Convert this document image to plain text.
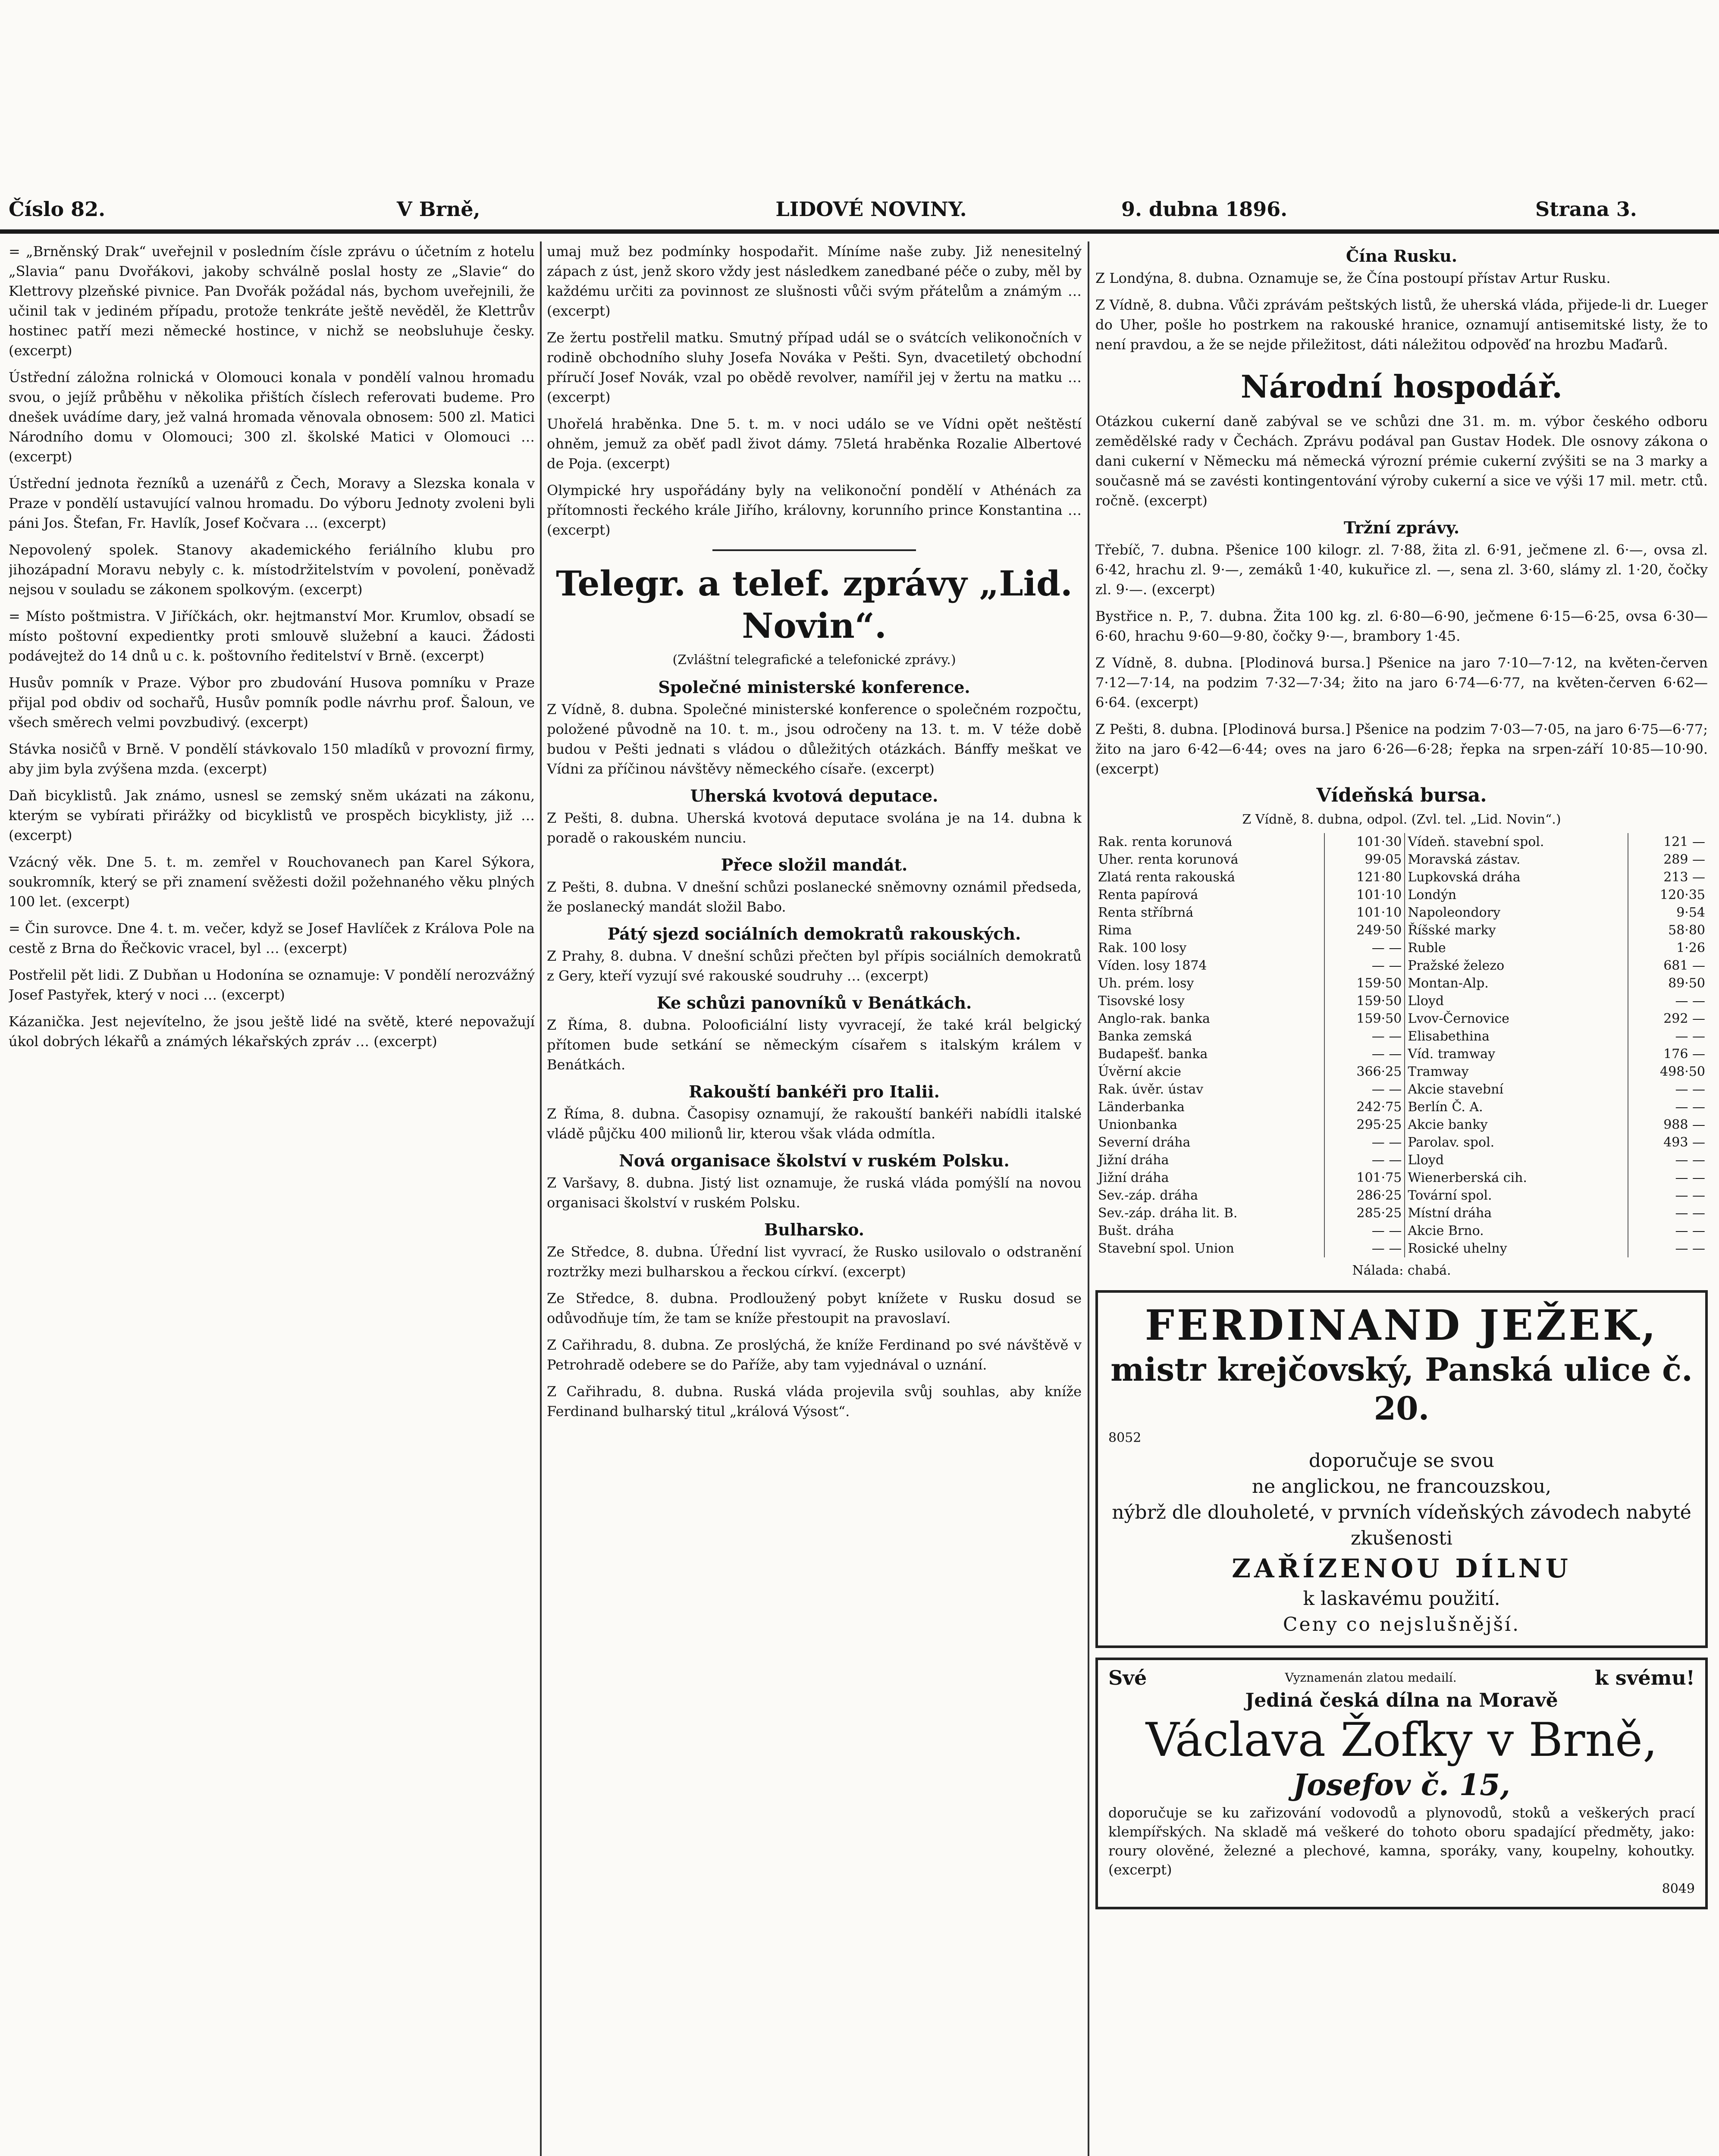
Číslo 82.	V Brně,	LIDOVÉ NOVINY.	9. dubna 1896.	Strana 3.

= „Brněnský Drak“ uveřejnil v posledním čísle zprávu o účetním z hotelu „Slavia“ panu Dvořákovi, jakoby schválně poslal hosty ze „Slavie“ do Klettrovy plzeňské pivnice. Pan Dvořák požádal nás, bychom uveřejnili, že učinil tak v jediném případu, protože tenkráte ještě nevěděl, že Klettrův hostinec patří mezi německé hostince, v nichž se neobsluhuje česky. (excerpt)

Ústřední záložna rolnická v Olomouci konala v pondělí valnou hromadu svou, o jejíž průběhu v několika přištích číslech referovati budeme. Pro dnešek uvádíme dary, jež valná hromada věnovala obnosem: 500 zl. Matici Národního domu v Olomouci; 300 zl. školské Matici v Olomouci … (excerpt)

Ústřední jednota řezníků a uzenářů z Čech, Moravy a Slezska konala v Praze v pondělí ustavující valnou hromadu. Do výboru Jednoty zvoleni byli páni Jos. Štefan, Fr. Havlík, Josef Kočvara … (excerpt)

Nepovolený spolek. Stanovy akademického feriálního klubu pro jihozápadní Moravu nebyly c. k. místodržitelstvím v povolení, poněvadž nejsou v souladu se zákonem spolkovým. (excerpt)

= Místo poštmistra. V Jiříčkách, okr. hejtmanství Mor. Krumlov, obsadí se místo poštovní expedientky proti smlouvě služební a kauci. Žádosti podávejtež do 14 dnů u c. k. poštovního ředitelství v Brně. (excerpt)

Husův pomník v Praze. Výbor pro zbudování Husova pomníku v Praze přijal pod obdiv od sochařů, Husův pomník podle návrhu prof. Šaloun, ve všech směrech velmi povzbudivý. (excerpt)

Stávka nosičů v Brně. V pondělí stávkovalo 150 mladíků v provozní firmy, aby jim byla zvýšena mzda. (excerpt)

Daň bicyklistů. Jak známo, usnesl se zemský sněm ukázati na zákonu, kterým se vybírati přirážky od bicyklistů ve prospěch bicyklisty, již … (excerpt)

Vzácný věk. Dne 5. t. m. zemřel v Rouchovanech pan Karel Sýkora, soukromník, který se při znamení svěžesti dožil požehnaného věku plných 100 let. (excerpt)

= Čin surovce. Dne 4. t. m. večer, když se Josef Havlíček z Králova Pole na cestě z Brna do Řečkovic vracel, byl … (excerpt)

Postřelil pět lidi. Z Dubňan u Hodonína se oznamuje: V pondělí nerozvážný Josef Pastyřek, který v noci … (excerpt)

Kázanička. Jest nejevítelno, že jsou ještě lidé na světě, které nepovažují úkol dobrých lékařů a známých lékařských zpráv … (excerpt)

umaj muž bez podmínky hospodařit. Míníme naše zuby. Již nenesitelný zápach z úst, jenž skoro vždy jest následkem zanedbané péče o zuby, měl by každému určiti za povinnost ze slušnosti vůči svým přátelům a známým … (excerpt)

Ze žertu postřelil matku. Smutný případ udál se o svátcích velikonočních v rodině obchodního sluhy Josefa Nováka v Pešti. Syn, dvacetiletý obchodní příručí Josef Novák, vzal po obědě revolver, namířil jej v žertu na matku … (excerpt)

Uhořelá hraběnka. Dne 5. t. m. v noci událo se ve Vídni opět neštěstí ohněm, jemuž za oběť padl život dámy. 75letá hraběnka Rozalie Albertové de Poja. (excerpt)

Olympické hry uspořádány byly na velikonoční pondělí v Athénách za přítomnosti řeckého krále Jiřího, královny, korunního prince Konstantina … (excerpt)

Telegr. a telef. zprávy „Lid. Novin“.
(Zvláštní telegrafické a telefonické zprávy.)
Společné ministerské konference.

Z Vídně, 8. dubna. Společné ministerské konference o společném rozpočtu, položené původně na 10. t. m., jsou odročeny na 13. t. m. V téže době budou v Pešti jednati s vládou o důležitých otázkách. Bánffy meškat ve Vídni za příčinou návštěvy německého císaře. (excerpt)

Uherská kvotová deputace.

Z Pešti, 8. dubna. Uherská kvotová deputace svolána je na 14. dubna k poradě o rakouském nunciu.

Přece složil mandát.

Z Pešti, 8. dubna. V dnešní schůzi poslanecké sněmovny oznámil předseda, že poslanecký mandát složil Babo.

Pátý sjezd sociálních demokratů rakouských.

Z Prahy, 8. dubna. V dnešní schůzi přečten byl přípis sociálních demokratů z Gery, kteří vyzují své rakouské soudruhy … (excerpt)

Ke schůzi panovníků v Benátkách.

Z Říma, 8. dubna. Polooficiální listy vyvracejí, že také král belgický přítomen bude setkání se německým císařem s italským králem v Benátkách.

Rakouští bankéři pro Italii.

Z Říma, 8. dubna. Časopisy oznamují, že rakouští bankéři nabídli italské vládě půjčku 400 milionů lir, kterou však vláda odmítla.

Nová organisace školství v ruském Polsku.

Z Varšavy, 8. dubna. Jistý list oznamuje, že ruská vláda pomýšlí na novou organisaci školství v ruském Polsku.

Bulharsko.

Ze Středce, 8. dubna. Úřední list vyvrací, že Rusko usilovalo o odstranění roztržky mezi bulharskou a řeckou církví. (excerpt)

Ze Středce, 8. dubna. Prodloužený pobyt knížete v Rusku dosud se odůvodňuje tím, že tam se kníže přestoupit na pravoslaví.

Z Cařihradu, 8. dubna. Ze proslýchá, že kníže Ferdinand po své návštěvě v Petrohradě odebere se do Paříže, aby tam vyjednával o uznání.

Z Cařihradu, 8. dubna. Ruská vláda projevila svůj souhlas, aby kníže Ferdinand bulharský titul „králová Výsost“.

Čína Rusku.

Z Londýna, 8. dubna. Oznamuje se, že Čína postoupí přístav Artur Rusku.

Z Vídně, 8. dubna. Vůči zprávám peštských listů, že uherská vláda, přijede-li dr. Lueger do Uher, pošle ho postrkem na rakouské hranice, oznamují antisemitské listy, že to není pravdou, a že se nejde přiležitost, dáti náležitou odpověď na hrozbu Maďarů.

Národní hospodář.

Otázkou cukerní daně zabýval se ve schůzi dne 31. m. m. výbor českého odboru zemědělské rady v Čechách. Zprávu podával pan Gustav Hodek. Dle osnovy zákona o dani cukerní v Německu má německá výrozní prémie cukerní zvýšiti se na 3 marky a současně má se zavésti kontingentování výroby cukerní a sice ve výši 17 mil. metr. ctů. ročně. (excerpt)

Tržní zprávy.

Třebíč, 7. dubna. Pšenice 100 kilogr. zl. 7·88, žita zl. 6·91, ječmene zl. 6·—, ovsa zl. 6·42, hrachu zl. 9·—, zemáků 1·40, kukuřice zl. —, sena zl. 3·60, slámy zl. 1·20, čočky zl. 9·—. (excerpt)

Bystřice n. P., 7. dubna. Žita 100 kg. zl. 6·80—6·90, ječmene 6·15—6·25, ovsa 6·30—6·60, hrachu 9·60—9·80, čočky 9·—, brambory 1·45.

Z Vídně, 8. dubna. [Plodinová bursa.] Pšenice na jaro 7·10—7·12, na květen-červen 7·12—7·14, na podzim 7·32—7·34; žito na jaro 6·74—6·77, na květen-červen 6·62—6·64. (excerpt)

Z Pešti, 8. dubna. [Plodinová bursa.] Pšenice na podzim 7·03—7·05, na jaro 6·75—6·77; žito na jaro 6·42—6·44; oves na jaro 6·26—6·28; řepka na srpen-září 10·85—10·90. (excerpt)

Vídeňská bursa.
Z Vídně, 8. dubna, odpol. (Zvl. tel. „Lid. Novin“.)
Rak. renta korunová	101·30	Vídeň. stavební spol.	121 —
Uher. renta korunová	99·05	Moravská zástav.	289 —
Zlatá renta rakouská	121·80	Lupkovská dráha	213 —
Renta papírová	101·10	Londýn	120·35
Renta stříbrná	101·10	Napoleondory	9·54
Rima	249·50	Říšské marky	58·80
Rak. 100 losy	— —	Ruble	1·26
Víden. losy 1874	— —	Pražské železo	681 —
Uh. prém. losy	159·50	Montan-Alp.	89·50
Tisovské losy	159·50	Lloyd	— —
Anglo-rak. banka	159·50	Lvov-Černovice	292 —
Banka zemská	— —	Elisabethina	— —
Budapešť. banka	— —	Víd. tramway	176 —
Úvěrní akcie	366·25	Tramway	498·50
Rak. úvěr. ústav	— —	Akcie stavební	— —
Länderbanka	242·75	Berlín Č. A.	— —
Unionbanka	295·25	Akcie banky	988 —
Severní dráha	— —	Parolav. spol.	493 —
Jižní dráha	— —	Lloyd	— —
Jižní dráha	101·75	Wienerberská cih.	— —
Sev.-záp. dráha	286·25	Tovární spol.	— —
Sev.-záp. dráha lit. B.	285·25	Místní dráha	— —
Bušt. dráha	— —	Akcie Brno.	— —
Stavební spol. Union	— —	Rosické uhelny	— —
Nálada: chabá.
FERDINAND JEŽEK,
mistr krejčovský, Panská ulice č. 20.
8052
doporučuje se svou
ne anglickou, ne francouzskou,
nýbrž dle dlouholeté, v prvních vídeňských závodech nabyté zkušenosti
ZAŘÍZENOU DÍLNU
k laskavému použití.
Ceny co nejslušnější.
Své	Vyznamenán zlatou medailí.	k svému!
Jediná česká dílna na Moravě
Václava Žofky v Brně,
Josefov č. 15,
doporučuje se ku zařizování vodovodů a plynovodů, stoků a veškerých prací klempířských. Na skladě má veškeré do tohoto oboru spadající předměty, jako: roury olověné, železné a plechové, kamna, sporáky, vany, koupelny, kohoutky. (excerpt)
8049
